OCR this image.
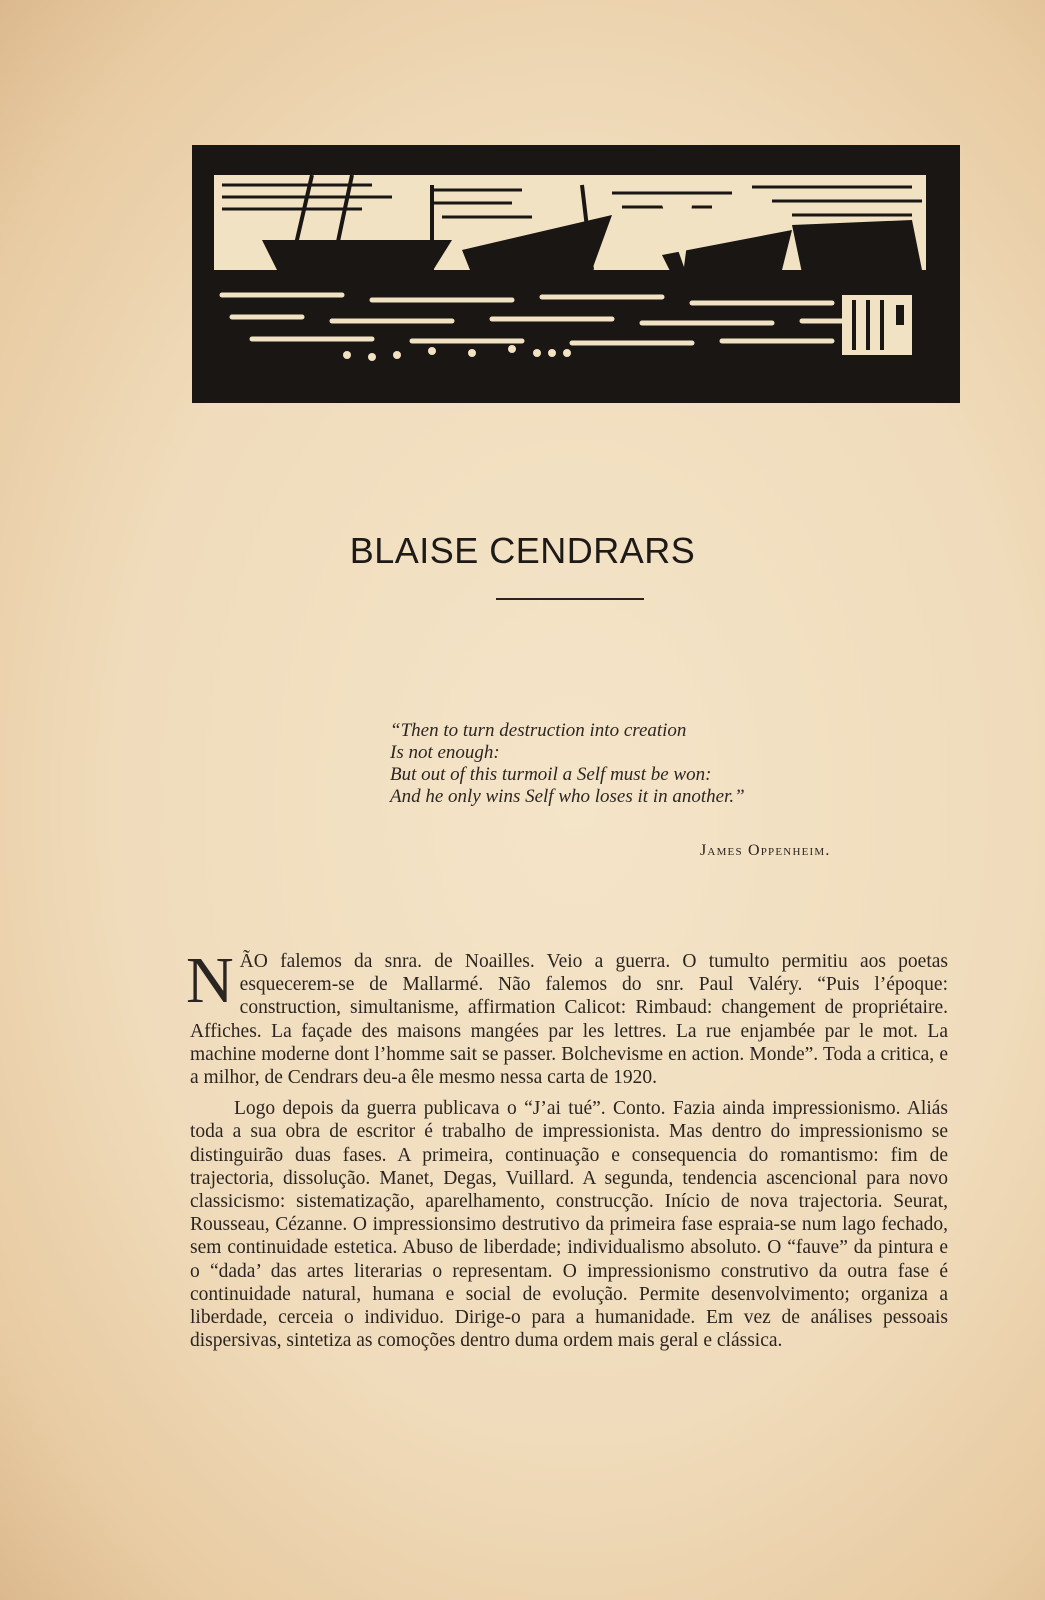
BLAISE CENDRARS
“Then to turn destruction into creation
Is not enough:
But out of this turmoil a Self must be won:
And he only wins Self who loses it in another.”
James Oppenheim.

NÃO falemos da snra. de Noailles. Veio a guerra. O tumulto permitiu aos poetas esquecerem-se de Mallarmé. Não falemos do snr. Paul Valéry. “Puis l’époque: construction, simultanisme, affirmation Calicot: Rimbaud: changement de propriétaire. Affiches. La façade des maisons mangées par les lettres. La rue enjambée par le mot. La machine moderne dont l’homme sait se passer. Bolchevisme en action. Monde”. Toda a critica, e a milhor, de Cendrars deu-a êle mesmo nessa carta de 1920.

Logo depois da guerra publicava o “J’ai tué”. Conto. Fazia ainda impressionismo. Aliás toda a sua obra de escritor é trabalho de impressionista. Mas dentro do impressionismo se distinguirão duas fases. A primeira, continuação e consequencia do romantismo: fim de trajectoria, dissolução. Manet, Degas, Vuillard. A segunda, tendencia ascencional para novo classicismo: sistematização, aparelhamento, construcção. Início de nova trajectoria. Seurat, Rousseau, Cézanne. O impressionsimo destrutivo da primeira fase espraia-se num lago fechado, sem continuidade estetica. Abuso de liberdade; individualismo absoluto. O “fauve” da pintura e o “dada’ das artes literarias o representam. O impressionismo construtivo da outra fase é continuidade natural, humana e social de evolução. Permite desenvolvimento; organiza a liberdade, cerceia o individuo. Dirige-o para a humanidade. Em vez de análises pessoais dispersivas, sintetiza as comoções dentro duma ordem mais geral e clássica.
